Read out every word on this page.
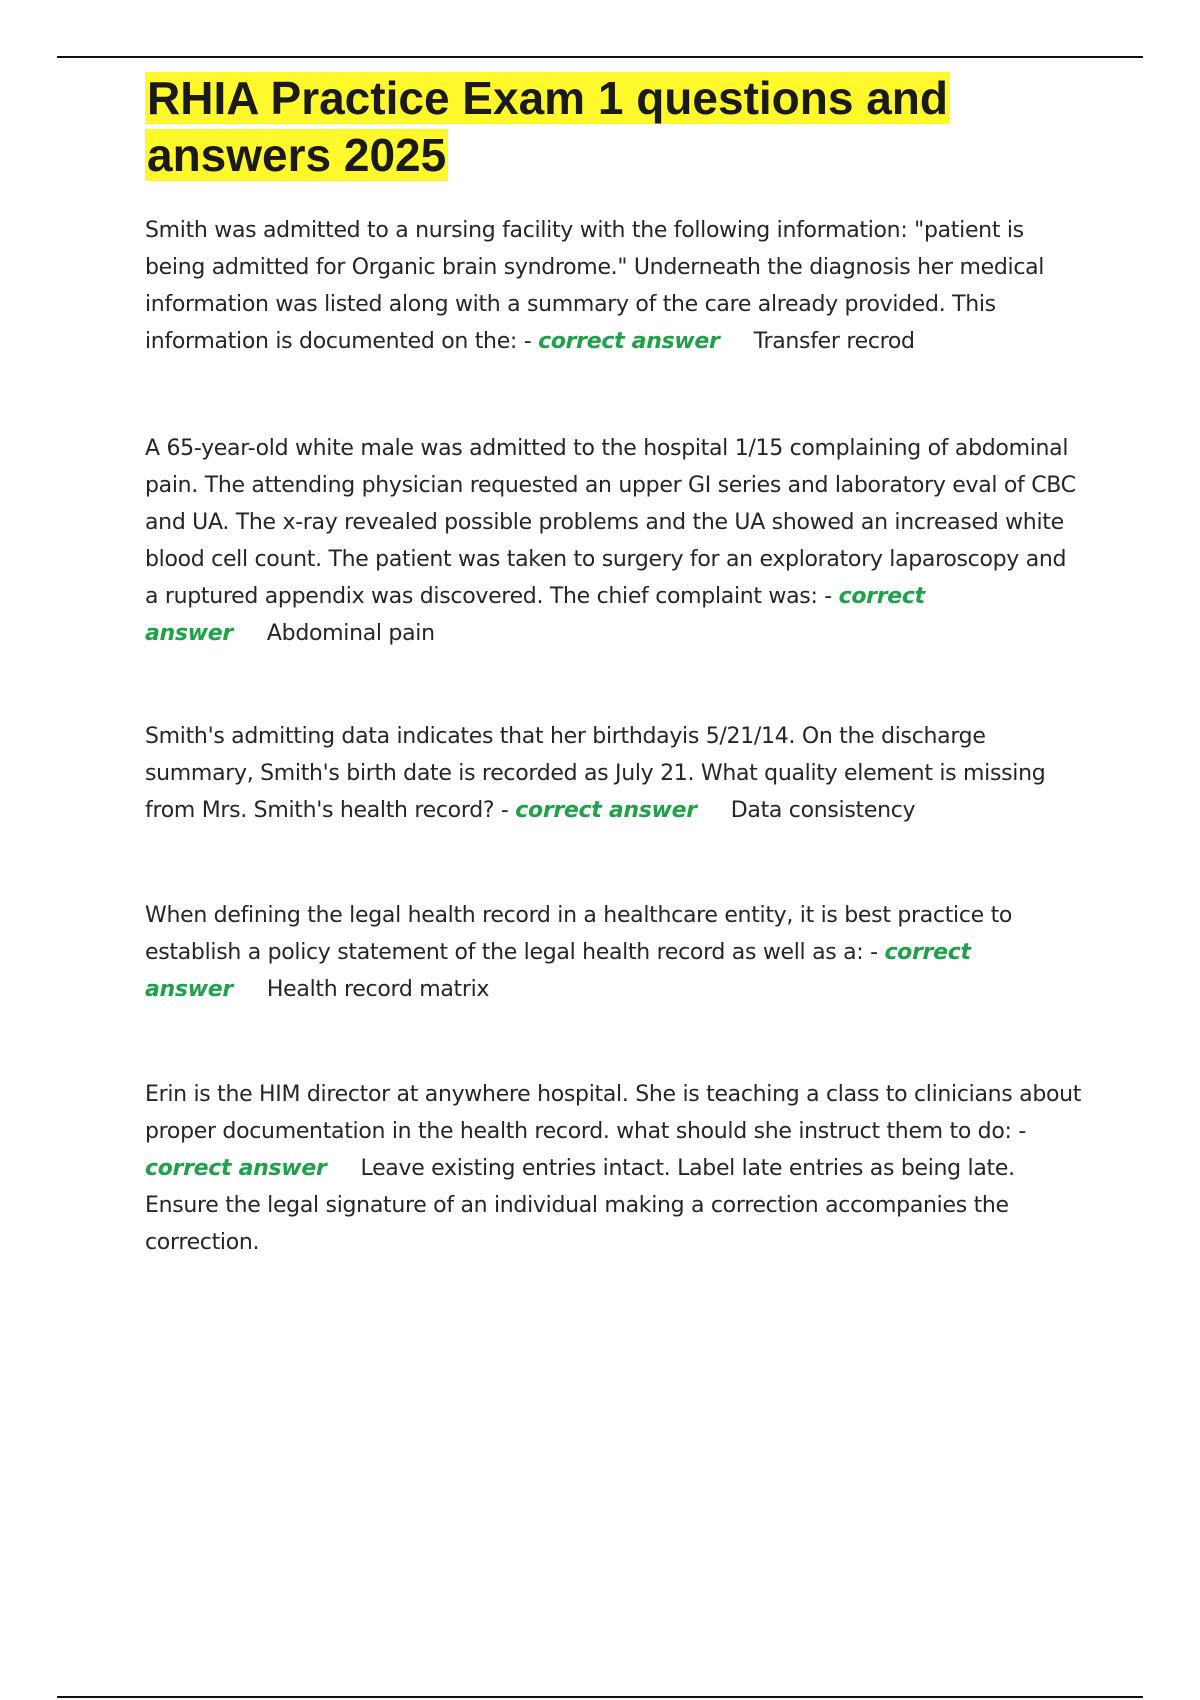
RHIA Practice Exam 1 questions and answers 2025

Smith was admitted to a nursing facility with the following information: "patient is being admitted for Organic brain syndrome." Underneath the diagnosis her medical information was listed along with a summary of the care already provided. This information is documented on the: - correct answer Transfer recrod

A 65-year-old white male was admitted to the hospital 1/15 complaining of abdominal pain. The attending physician requested an upper GI series and laboratory eval of CBC and UA. The x-ray revealed possible problems and the UA showed an increased white blood cell count. The patient was taken to surgery for an exploratory laparoscopy and a ruptured appendix was discovered. The chief complaint was: - correct answer Abdominal pain

Smith's admitting data indicates that her birthdayis 5/21/14. On the discharge summary, Smith's birth date is recorded as July 21. What quality element is missing from Mrs. Smith's health record? - correct answer Data consistency

When defining the legal health record in a healthcare entity, it is best practice to establish a policy statement of the legal health record as well as a: - correct answer Health record matrix

Erin is the HIM director at anywhere hospital. She is teaching a class to clinicians about proper documentation in the health record. what should she instruct them to do: - correct answer Leave existing entries intact. Label late entries as being late. Ensure the legal signature of an individual making a correction accompanies the correction.
